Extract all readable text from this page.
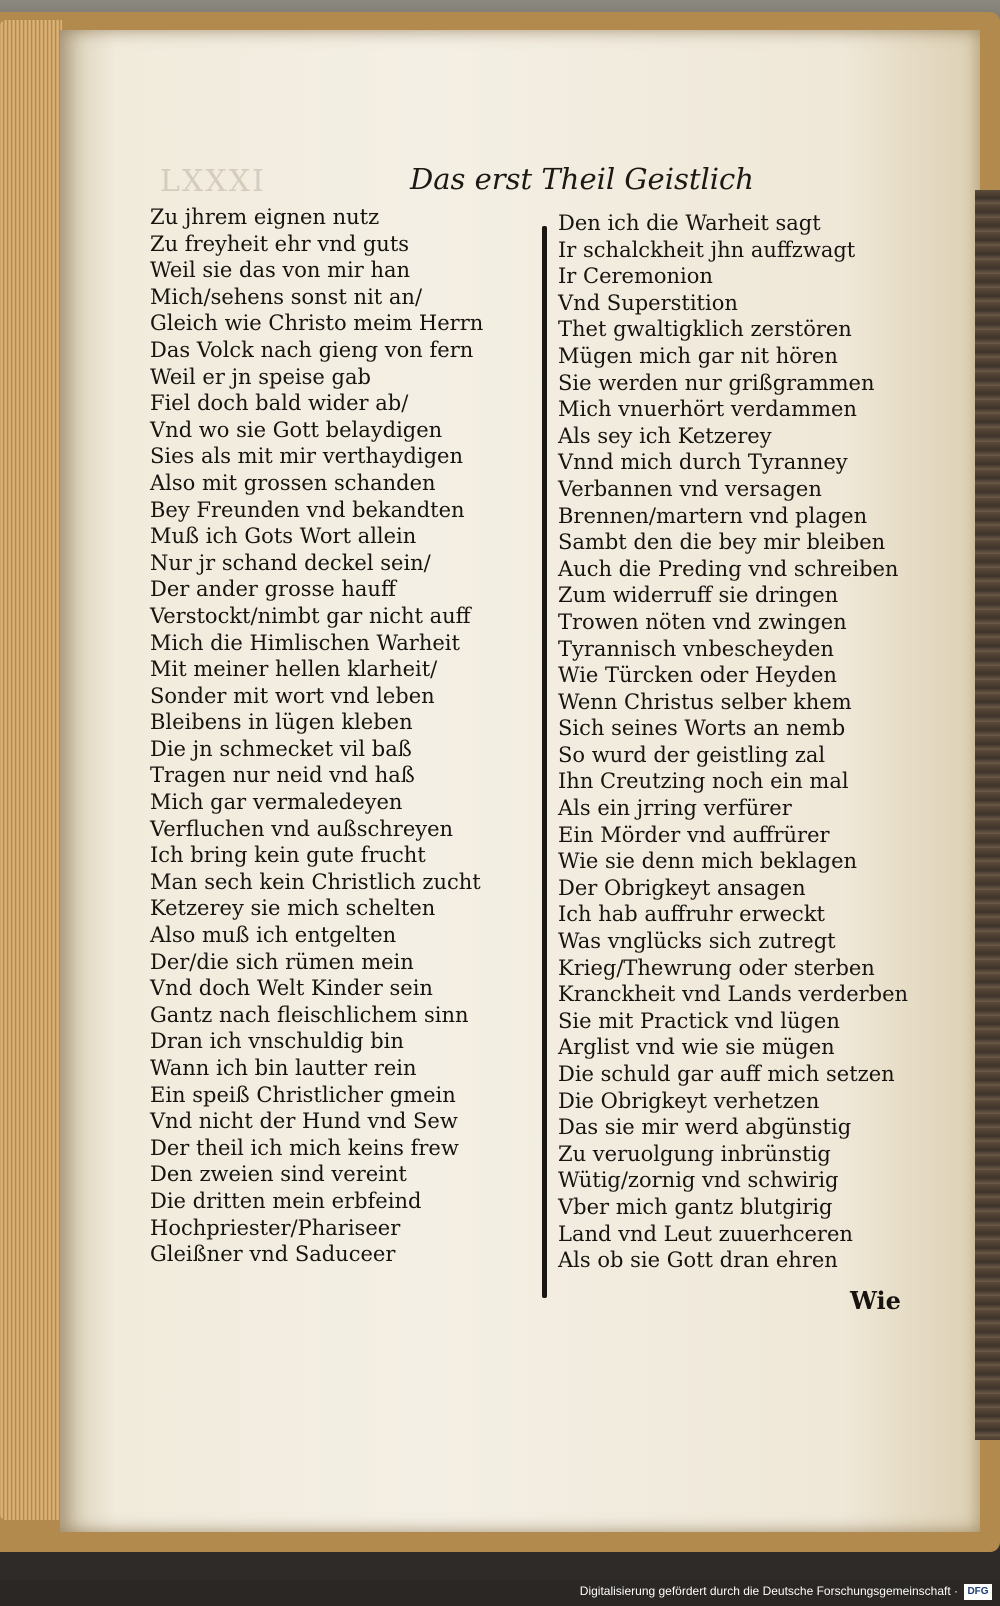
LXXXI	Das erst Theil Geistlich
Zu jhrem eignen nutz
Zu freyheit ehr vnd guts
Weil sie das von mir han
Mich/sehens sonst nit an/
Gleich wie Christo meim Herrn
Das Volck nach gieng von fern
Weil er jn speise gab
Fiel doch bald wider ab/
Vnd wo sie Gott belaydigen
Sies als mit mir verthaydigen
Also mit grossen schanden
Bey Freunden vnd bekandten
Muß ich Gots Wort allein
Nur jr schand deckel sein/
Der ander grosse hauff
Verstockt/nimbt gar nicht auff
Mich die Himlischen Warheit
Mit meiner hellen klarheit/
Sonder mit wort vnd leben
Bleibens in lügen kleben
Die jn schmecket vil baß
Tragen nur neid vnd haß
Mich gar vermaledeyen
Verfluchen vnd außschreyen
Ich bring kein gute frucht
Man sech kein Christlich zucht
Ketzerey sie mich schelten
Also muß ich entgelten
Der/die sich rümen mein
Vnd doch Welt Kinder sein
Gantz nach fleischlichem sinn
Dran ich vnschuldig bin
Wann ich bin lautter rein
Ein speiß Christlicher gmein
Vnd nicht der Hund vnd Sew
Der theil ich mich keins frew
Den zweien sind vereint
Die dritten mein erbfeind
Hochpriester/Phariseer
Gleißner vnd Saduceer
Den ich die Warheit sagt
Ir schalckheit jhn auffzwagt
Ir Ceremonion
Vnd Superstition
Thet gwaltigklich zerstören
Mügen mich gar nit hören
Sie werden nur grißgrammen
Mich vnuerhört verdammen
Als sey ich Ketzerey
Vnnd mich durch Tyranney
Verbannen vnd versagen
Brennen/martern vnd plagen
Sambt den die bey mir bleiben
Auch die Preding vnd schreiben
Zum widerruff sie dringen
Trowen nöten vnd zwingen
Tyrannisch vnbescheyden
Wie Türcken oder Heyden
Wenn Christus selber khem
Sich seines Worts an nemb
So wurd der geistling zal
Ihn Creutzing noch ein mal
Als ein jrring verfürer
Ein Mörder vnd auffrürer
Wie sie denn mich beklagen
Der Obrigkeyt ansagen
Ich hab auffruhr erweckt
Was vnglücks sich zutregt
Krieg/Thewrung oder sterben
Kranckheit vnd Lands verderben
Sie mit Practick vnd lügen
Arglist vnd wie sie mügen
Die schuld gar auff mich setzen
Die Obrigkeyt verhetzen
Das sie mir werd abgünstig
Zu veruolgung inbrünstig
Wütig/zornig vnd schwirig
Vber mich gantz blutgirig
Land vnd Leut zuuerhceren
Als ob sie Gott dran ehren
Wie
Digitalisierung gefördert durch die Deutsche Forschungsgemeinschaft · DFG
